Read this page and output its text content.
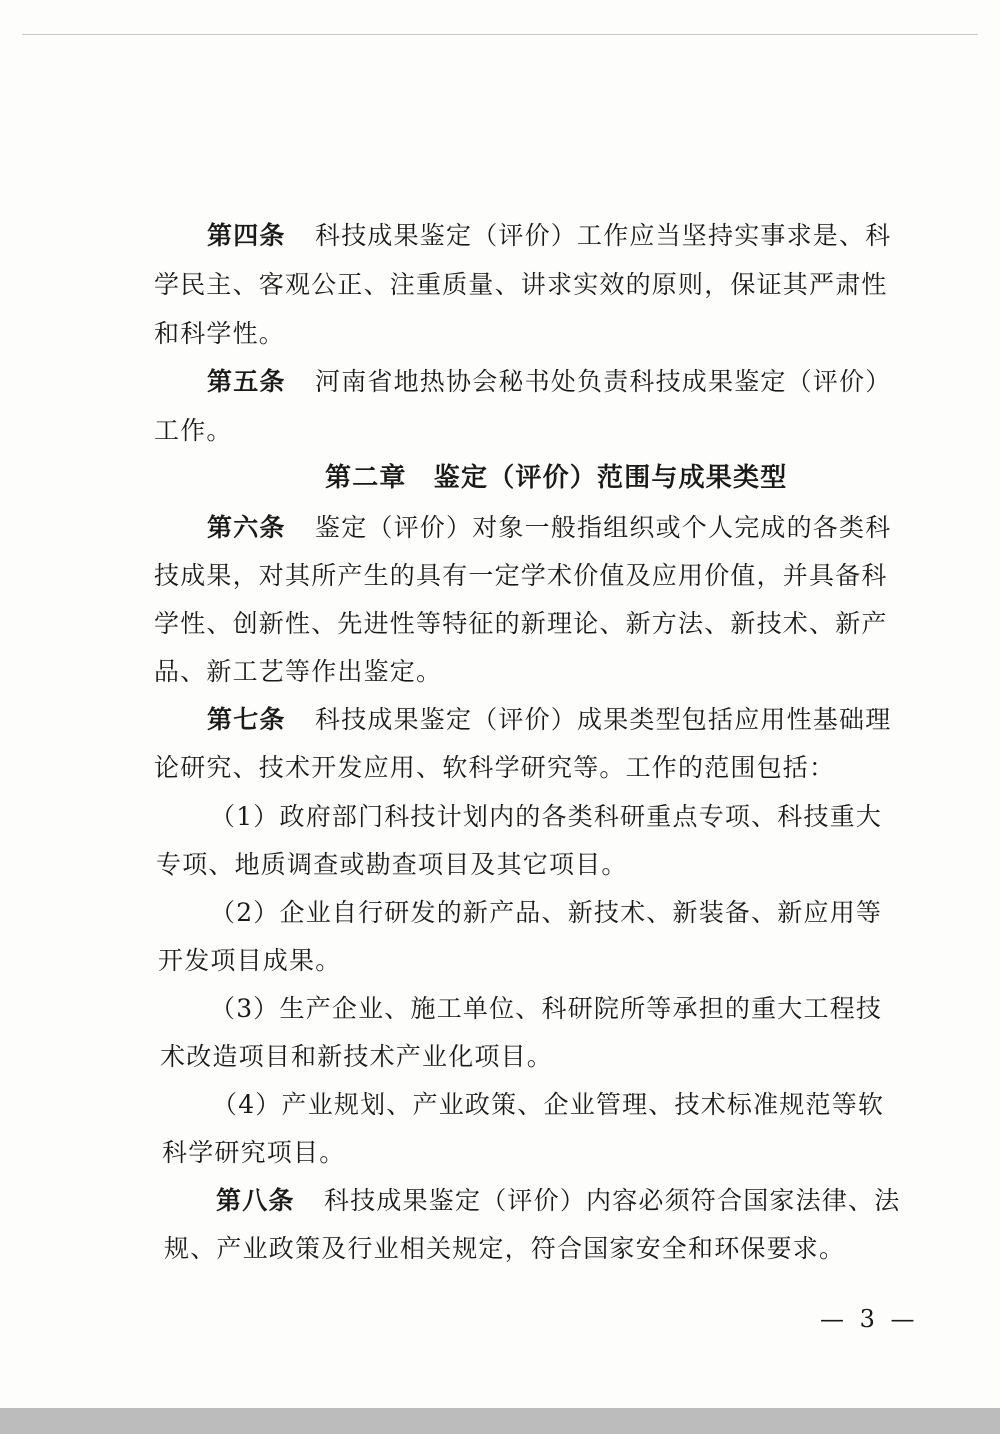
第四条 科技成果鉴定（评价）工作应当坚持实事求是、科
学民主、客观公正、注重质量、讲求实效的原则，保证其严肃性
和科学性。
第五条 河南省地热协会秘书处负责科技成果鉴定（评价）
工作。
第二章　鉴定（评价）范围与成果类型
第六条 鉴定（评价）对象一般指组织或个人完成的各类科
技成果，对其所产生的具有一定学术价值及应用价值，并具备科
学性、创新性、先进性等特征的新理论、新方法、新技术、新产
品、新工艺等作出鉴定。
第七条 科技成果鉴定（评价）成果类型包括应用性基础理
论研究、技术开发应用、软科学研究等。工作的范围包括：
（1）政府部门科技计划内的各类科研重点专项、科技重大
专项、地质调查或勘查项目及其它项目。
（2）企业自行研发的新产品、新技术、新装备、新应用等
开发项目成果。
（3）生产企业、施工单位、科研院所等承担的重大工程技
术改造项目和新技术产业化项目。
（4）产业规划、产业政策、企业管理、技术标准规范等软
科学研究项目。
第八条 科技成果鉴定（评价）内容必须符合国家法律、法
规、产业政策及行业相关规定，符合国家安全和环保要求。
— 3 —
